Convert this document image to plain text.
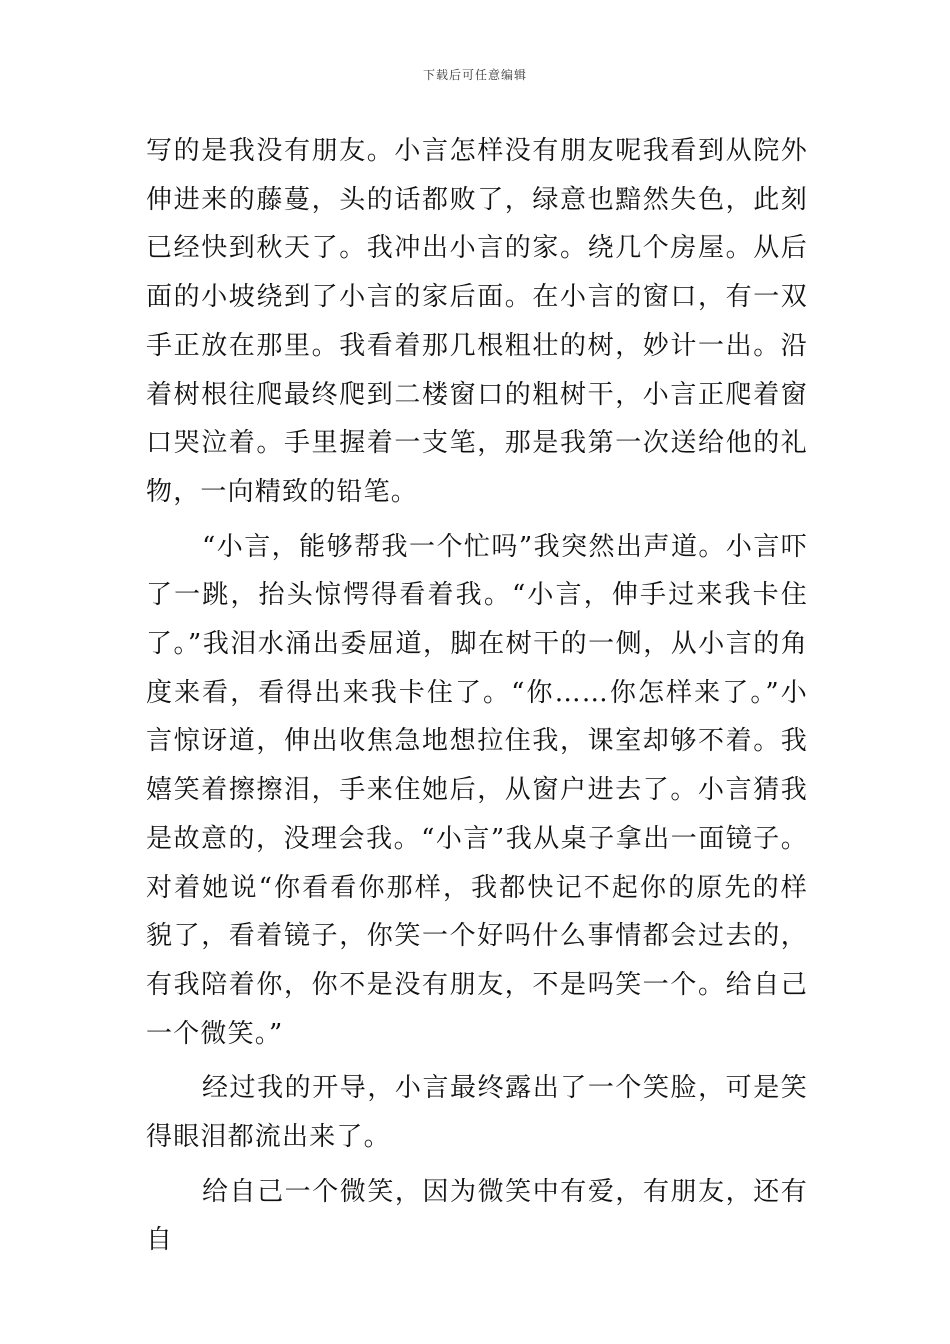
下载后可任意编辑

写的是我没有朋友。小言怎样没有朋友呢我看到从院外伸进来的藤蔓，头的话都败了，绿意也黯然失色，此刻已经快到秋天了。我冲出小言的家。绕几个房屋。从后面的小坡绕到了小言的家后面。在小言的窗口，有一双手正放在那里。我看着那几根粗壮的树，妙计一出。沿着树根往爬最终爬到二楼窗口的粗树干，小言正爬着窗口哭泣着。手里握着一支笔，那是我第一次送给他的礼物，一向精致的铅笔。

“小言，能够帮我一个忙吗”我突然出声道。小言吓了一跳，抬头惊愕得看着我。“小言，伸手过来我卡住了。”我泪水涌出委屈道，脚在树干的一侧，从小言的角度来看，看得出来我卡住了。“你……你怎样来了。”小言惊讶道，伸出收焦急地想拉住我，课室却够不着。我嬉笑着擦擦泪，手来住她后，从窗户进去了。小言猜我是故意的，没理会我。“小言”我从桌子拿出一面镜子。对着她说“你看看你那样，我都快记不起你的原先的样貌了，看着镜子，你笑一个好吗什么事情都会过去的，有我陪着你，你不是没有朋友，不是吗笑一个。给自己一个微笑。”

经过我的开导，小言最终露出了一个笑脸，可是笑得眼泪都流出来了。

给自己一个微笑，因为微笑中有爱，有朋友，还有自
